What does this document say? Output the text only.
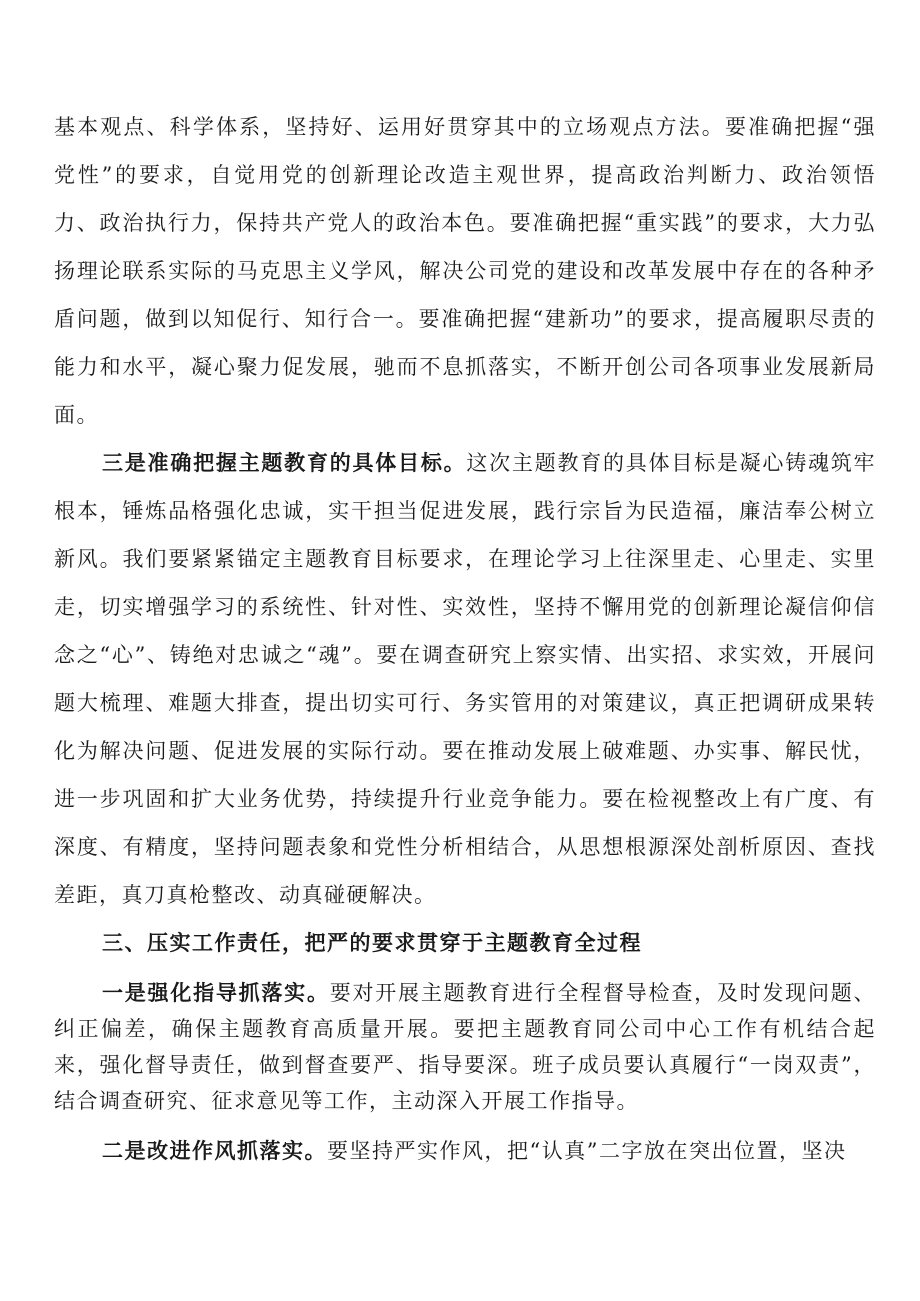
基本观点、科学体系，坚持好、运用好贯穿其中的立场观点方法。要准确把握“强党性”的要求，自觉用党的创新理论改造主观世界，提高政治判断力、政治领悟力、政治执行力，保持共产党人的政治本色。要准确把握“重实践”的要求，大力弘扬理论联系实际的马克思主义学风，解决公司党的建设和改革发展中存在的各种矛盾问题，做到以知促行、知行合一。要准确把握“建新功”的要求，提高履职尽责的能力和水平，凝心聚力促发展，驰而不息抓落实，不断开创公司各项事业发展新局面。

三是准确把握主题教育的具体目标。这次主题教育的具体目标是凝心铸魂筑牢根本，锤炼品格强化忠诚，实干担当促进发展，践行宗旨为民造福，廉洁奉公树立新风。我们要紧紧锚定主题教育目标要求，在理论学习上往深里走、心里走、实里走，切实增强学习的系统性、针对性、实效性，坚持不懈用党的创新理论凝信仰信念之“心”、铸绝对忠诚之“魂”。要在调查研究上察实情、出实招、求实效，开展问题大梳理、难题大排查，提出切实可行、务实管用的对策建议，真正把调研成果转化为解决问题、促进发展的实际行动。要在推动发展上破难题、办实事、解民忧，进一步巩固和扩大业务优势，持续提升行业竞争能力。要在检视整改上有广度、有深度、有精度，坚持问题表象和党性分析相结合，从思想根源深处剖析原因、查找差距，真刀真枪整改、动真碰硬解决。

三、压实工作责任，把严的要求贯穿于主题教育全过程

一是强化指导抓落实。要对开展主题教育进行全程督导检查，及时发现问题、纠正偏差，确保主题教育高质量开展。要把主题教育同公司中心工作有机结合起来，强化督导责任，做到督查要严、指导要深。班子成员要认真履行“一岗双责”，结合调查研究、征求意见等工作，主动深入开展工作指导。

二是改进作风抓落实。要坚持严实作风，把“认真”二字放在突出位置，坚决
